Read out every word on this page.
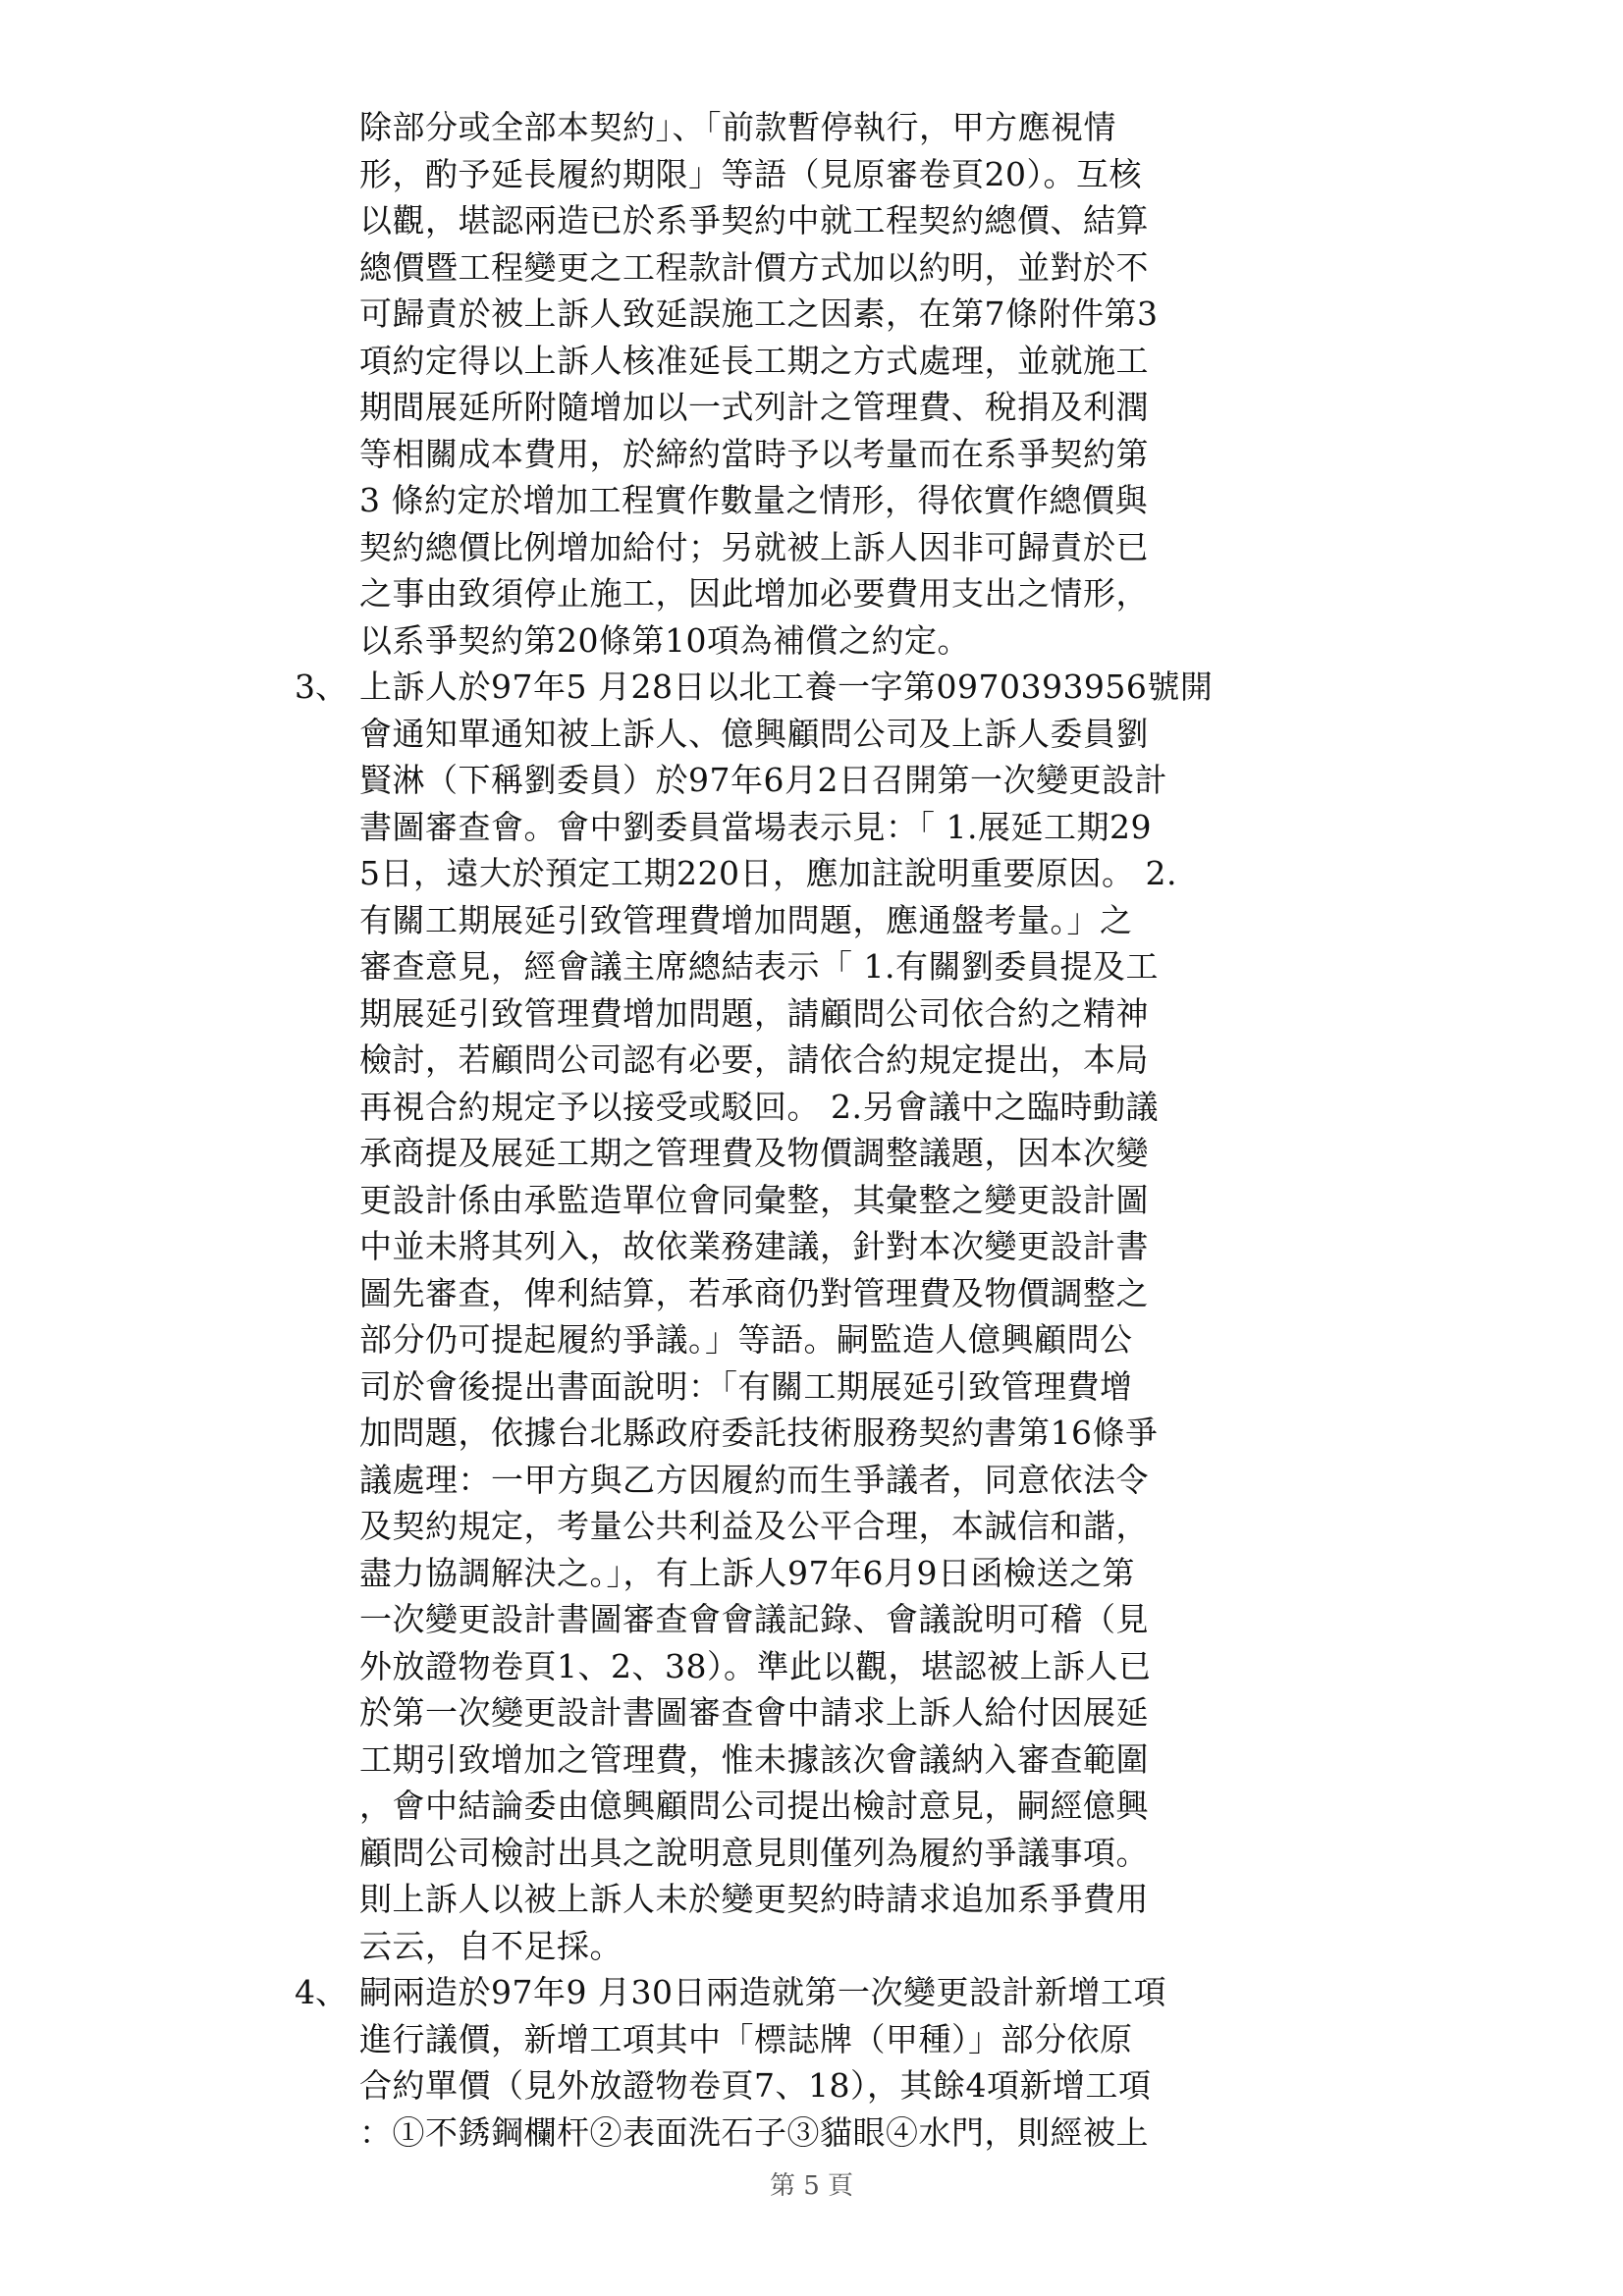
除部分或全部本契約」、「前款暫停執行，甲方應視情
形，酌予延長履約期限」等語（見原審卷頁20）。互核
以觀，堪認兩造已於系爭契約中就工程契約總價、結算
總價暨工程變更之工程款計價方式加以約明，並對於不
可歸責於被上訴人致延誤施工之因素，在第7條附件第3
項約定得以上訴人核准延長工期之方式處理，並就施工
期間展延所附隨增加以一式列計之管理費、稅捐及利潤
等相關成本費用，於締約當時予以考量而在系爭契約第
3 條約定於增加工程實作數量之情形，得依實作總價與
契約總價比例增加給付；另就被上訴人因非可歸責於已
之事由致須停止施工，因此增加必要費用支出之情形，
以系爭契約第20條第10項為補償之約定。
3、 上訴人於97年5 月28日以北工養一字第0970393956號開
會通知單通知被上訴人、億興顧問公司及上訴人委員劉
賢淋（下稱劉委員）於97年6月2日召開第一次變更設計
書圖審查會。會中劉委員當場表示見：「 1.展延工期29
5日，遠大於預定工期220日，應加註說明重要原因。 2.
有關工期展延引致管理費增加問題，應通盤考量。」之
審查意見，經會議主席總結表示「 1.有關劉委員提及工
期展延引致管理費增加問題，請顧問公司依合約之精神
檢討，若顧問公司認有必要，請依合約規定提出，本局
再視合約規定予以接受或駁回。 2.另會議中之臨時動議
承商提及展延工期之管理費及物價調整議題，因本次變
更設計係由承監造單位會同彙整，其彙整之變更設計圖
中並未將其列入，故依業務建議，針對本次變更設計書
圖先審查，俾利結算，若承商仍對管理費及物價調整之
部分仍可提起履約爭議。」等語。嗣監造人億興顧問公
司於會後提出書面說明：「有關工期展延引致管理費增
加問題，依據台北縣政府委託技術服務契約書第16條爭
議處理：一甲方與乙方因履約而生爭議者，同意依法令
及契約規定，考量公共利益及公平合理，本誠信和諧，
盡力協調解決之。」，有上訴人97年6月9日函檢送之第
一次變更設計書圖審查會會議記錄、會議說明可稽（見
外放證物卷頁1、2、38）。準此以觀，堪認被上訴人已
於第一次變更設計書圖審查會中請求上訴人給付因展延
工期引致增加之管理費，惟未據該次會議納入審查範圍
，會中結論委由億興顧問公司提出檢討意見，嗣經億興
顧問公司檢討出具之說明意見則僅列為履約爭議事項。
則上訴人以被上訴人未於變更契約時請求追加系爭費用
云云，自不足採。
4、 嗣兩造於97年9 月30日兩造就第一次變更設計新增工項
進行議價，新增工項其中「標誌牌（甲種）」部分依原
合約單價（見外放證物卷頁7、18），其餘4項新增工項
：①不銹鋼欄杆②表面洗石子③貓眼④水門，則經被上
第 5 頁
